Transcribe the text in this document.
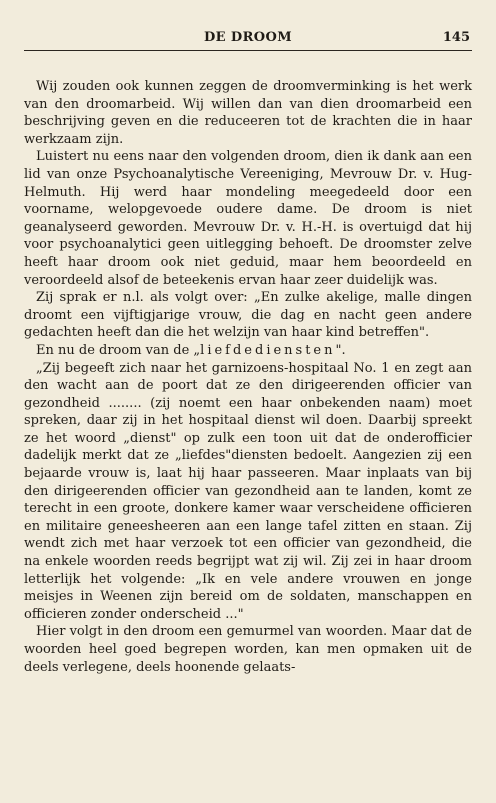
DE DROOM	145

Wij zouden ook kunnen zeggen de droomverminking is het werk van den droomarbeid. Wij willen dan van dien droomarbeid een beschrijving geven en die reduceeren tot de krachten die in haar werkzaam zijn.

Luistert nu eens naar den volgenden droom, dien ik dank aan een lid van onze Psychoanalytische Vereeniging, Mevrouw Dr. v. Hug-Helmuth. Hij werd haar mondeling meegedeeld door een voorname, welopgevoede oudere dame. De droom is niet geanalyseerd geworden. Mevrouw Dr. v. H.-H. is overtuigd dat hij voor psychoanalytici geen uitlegging behoeft. De droomster zelve heeft haar droom ook niet geduid, maar hem beoordeeld en veroordeeld alsof de beteekenis ervan haar zeer duidelijk was.

Zij sprak er n.l. als volgt over: „En zulke akelige, malle dingen droomt een vijftigjarige vrouw, die dag en nacht geen andere gedachten heeft dan die het welzijn van haar kind betreffen".

En nu de droom van de „liefdediensten".

„Zij begeeft zich naar het garnizoens-hospitaal No. 1 en zegt aan den wacht aan de poort dat ze den dirigeerenden officier van gezondheid ........ (zij noemt een haar onbekenden naam) moet spreken, daar zij in het hospitaal dienst wil doen. Daarbij spreekt ze het woord „dienst" op zulk een toon uit dat de onderofficier dadelijk merkt dat ze „liefdes"diensten bedoelt. Aangezien zij een bejaarde vrouw is, laat hij haar passeeren. Maar inplaats van bij den dirigeerenden officier van gezondheid aan te landen, komt ze terecht in een groote, donkere kamer waar verscheidene officieren en militaire geneesheeren aan een lange tafel zitten en staan. Zij wendt zich met haar verzoek tot een officier van gezondheid, die na enkele woorden reeds begrijpt wat zij wil. Zij zei in haar droom letterlijk het volgende: „Ik en vele andere vrouwen en jonge meisjes in Weenen zijn bereid om de soldaten, manschappen en officieren zonder onderscheid ..."

Hier volgt in den droom een gemurmel van woorden. Maar dat de woorden heel goed begrepen worden, kan men opmaken uit de deels verlegene, deels hoonende gelaats-
